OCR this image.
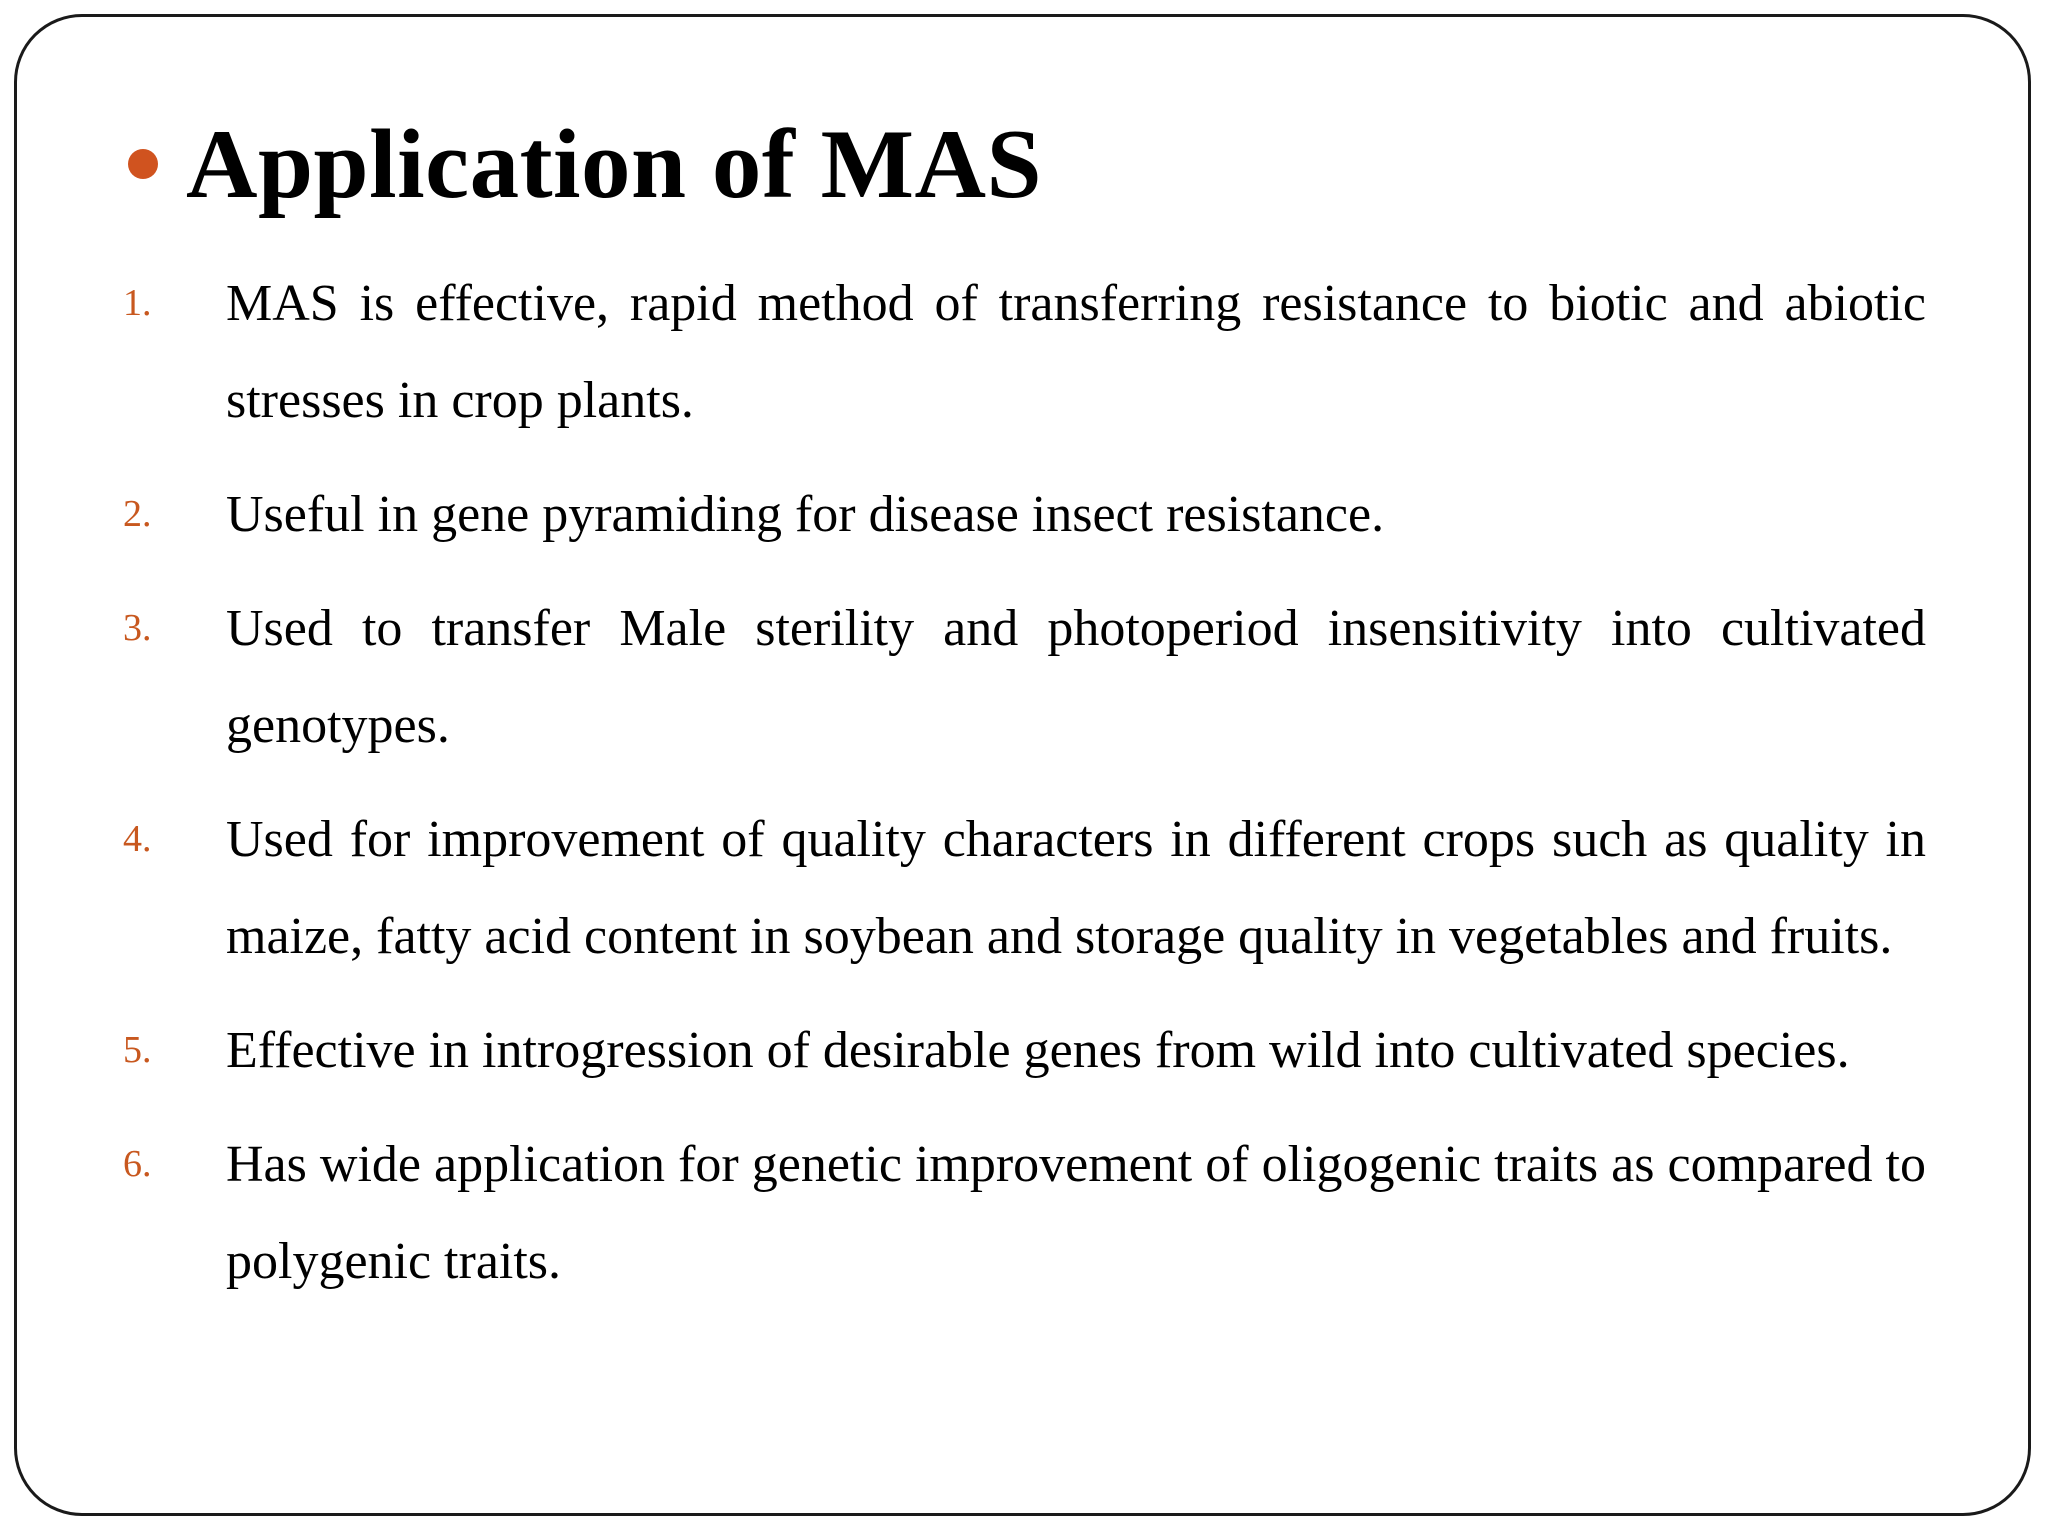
Application of MAS
1.	MAS is effective, rapid method of transferring resistance to biotic and abiotic stresses in crop plants.
2.	Useful in gene pyramiding for disease insect resistance.
3.	Used to transfer Male sterility and photoperiod insensitivity into cultivated genotypes.
4.	Used for improvement of quality characters in different crops such as quality in maize, fatty acid content in soybean and storage quality in vegetables and fruits.
5.	Effective in introgression of desirable genes from wild into cultivated species.
6.	Has wide application for genetic improvement of oligogenic traits as compared to polygenic traits.
